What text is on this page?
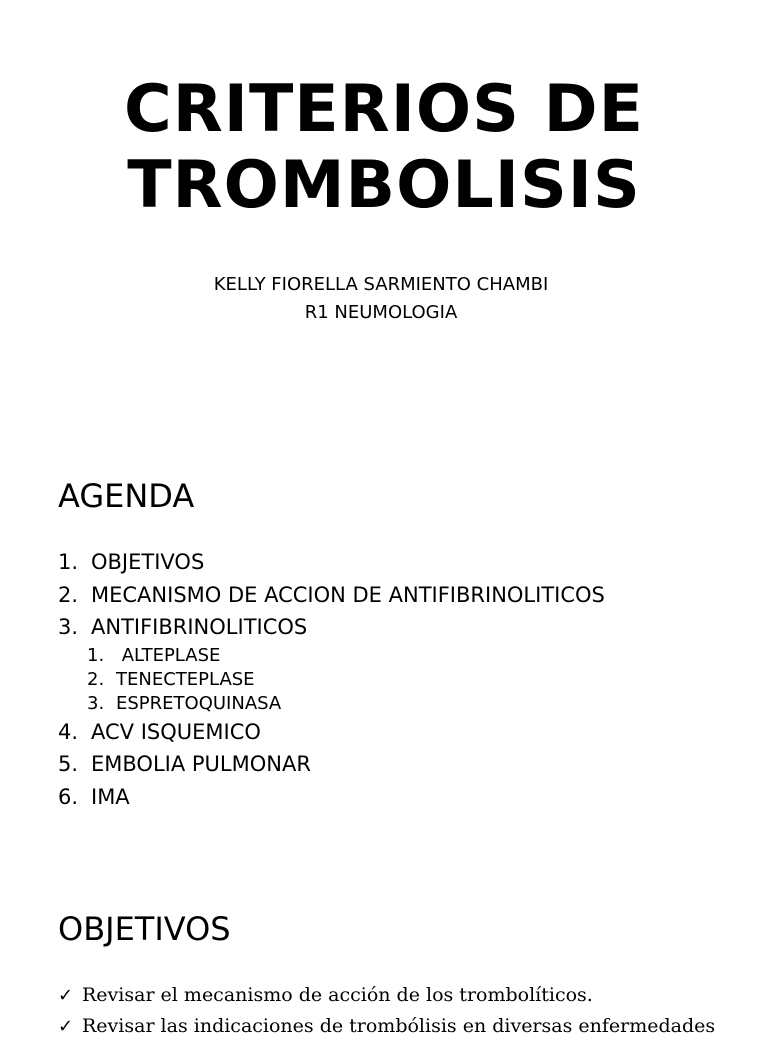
CRITERIOS DE
TROMBOLISIS
KELLY FIORELLA SARMIENTO CHAMBI
R1 NEUMOLOGIA
AGENDA
1. OBJETIVOS
2. MECANISMO DE ACCION DE ANTIFIBRINOLITICOS
3. ANTIFIBRINOLITICOS
1. ALTEPLASE
2. TENECTEPLASE
3. ESPRETOQUINASA
4. ACV ISQUEMICO
5. EMBOLIA PULMONAR
6. IMA
OBJETIVOS
✓ Revisar el mecanismo de acción de los trombolíticos.
✓ Revisar las indicaciones de trombólisis en diversas enfermedades
